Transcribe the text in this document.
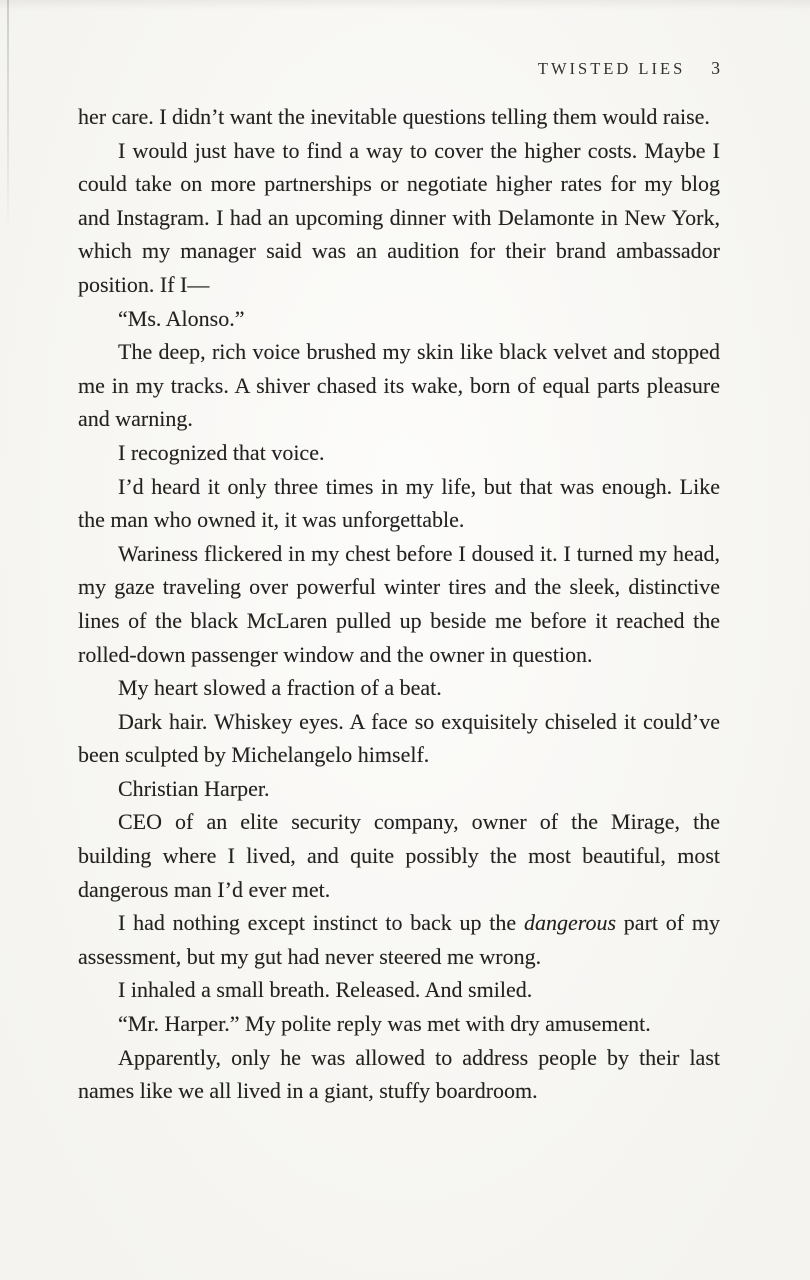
TWISTED LIES 3

her care. I didn’t want the inevitable questions telling them would raise.

I would just have to find a way to cover the higher costs. Maybe I could take on more partnerships or negotiate higher rates for my blog and Instagram. I had an upcoming dinner with Delamonte in New York, which my manager said was an audition for their brand ambassador position. If I—

“Ms. Alonso.”

The deep, rich voice brushed my skin like black velvet and stopped me in my tracks. A shiver chased its wake, born of equal parts pleasure and warning.

I recognized that voice.

I’d heard it only three times in my life, but that was enough. Like the man who owned it, it was unforgettable.

Wariness flickered in my chest before I doused it. I turned my head, my gaze traveling over powerful winter tires and the sleek, distinctive lines of the black McLaren pulled up beside me before it reached the rolled-down passenger window and the owner in question.

My heart slowed a fraction of a beat.

Dark hair. Whiskey eyes. A face so exquisitely chiseled it could’ve been sculpted by Michelangelo himself.

Christian Harper.

CEO of an elite security company, owner of the Mirage, the building where I lived, and quite possibly the most beautiful, most dangerous man I’d ever met.

I had nothing except instinct to back up the dangerous part of my assessment, but my gut had never steered me wrong.

I inhaled a small breath. Released. And smiled.

“Mr. Harper.” My polite reply was met with dry amusement.

Apparently, only he was allowed to address people by their last names like we all lived in a giant, stuffy boardroom.
